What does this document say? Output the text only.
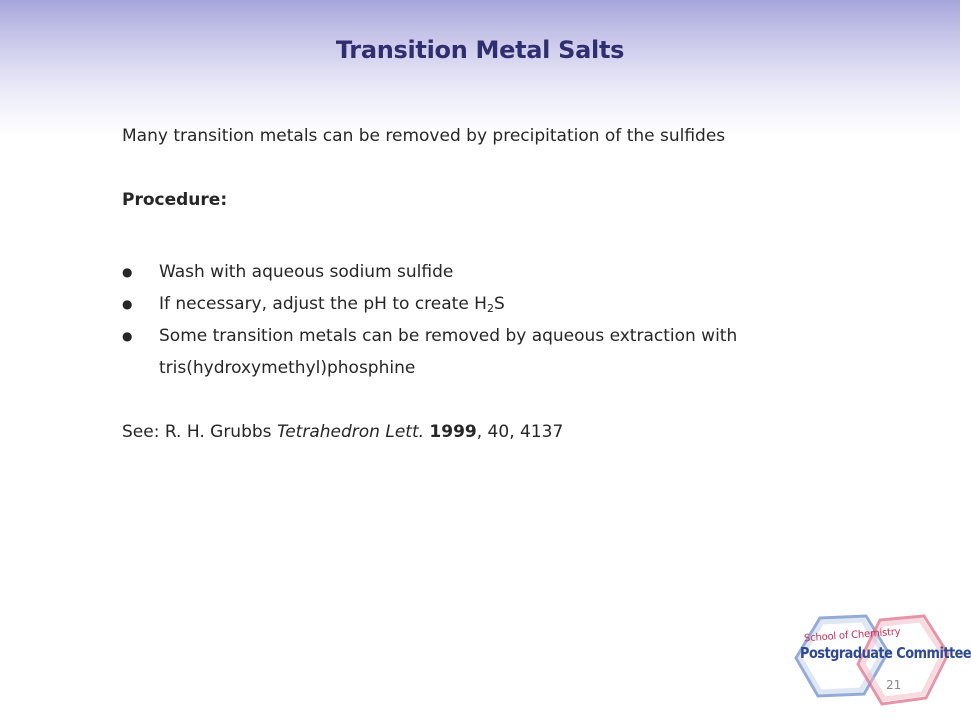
Transition Metal Salts
Many transition metals can be removed by precipitation of the sulfides
Procedure:
● Wash with aqueous sodium sulfide
● If necessary, adjust the pH to create $H_2S$
● Some transition metals can be removed by aqueous extraction with
tris(hydroxymethyl)phosphine
See: R. H. Grubbs Tetrahedron Lett. 1999, 40, 4137
School of Chemistry
Postgraduate Committee
21
